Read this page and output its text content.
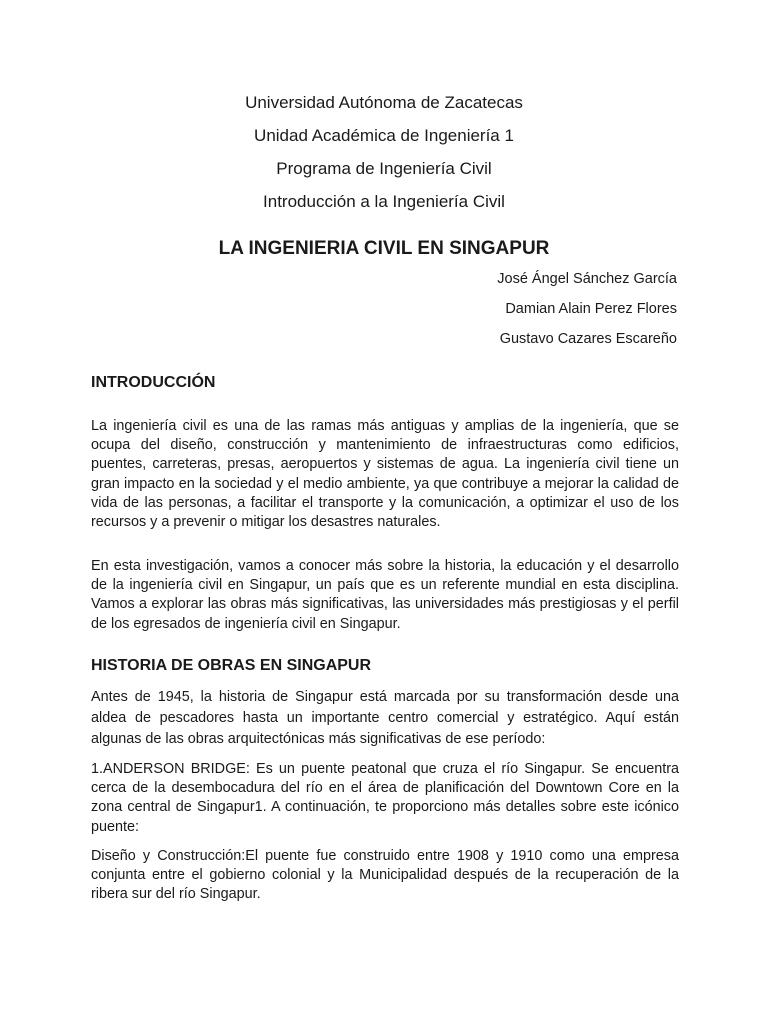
Universidad Autónoma de Zacatecas

Unidad Académica de Ingeniería 1

Programa de Ingeniería Civil

Introducción a la Ingeniería Civil

LA INGENIERIA CIVIL EN SINGAPUR

José Ángel Sánchez García

Damian Alain Perez Flores

Gustavo Cazares Escareño

INTRODUCCIÓN

La ingeniería civil es una de las ramas más antiguas y amplias de la ingeniería, que se ocupa del diseño, construcción y mantenimiento de infraestructuras como edificios, puentes, carreteras, presas, aeropuertos y sistemas de agua. La ingeniería civil tiene un gran impacto en la sociedad y el medio ambiente, ya que contribuye a mejorar la calidad de vida de las personas, a facilitar el transporte y la comunicación, a optimizar el uso de los recursos y a prevenir o mitigar los desastres naturales.

En esta investigación, vamos a conocer más sobre la historia, la educación y el desarrollo de la ingeniería civil en Singapur, un país que es un referente mundial en esta disciplina. Vamos a explorar las obras más significativas, las universidades más prestigiosas y el perfil de los egresados de ingeniería civil en Singapur.

HISTORIA DE OBRAS EN SINGAPUR

Antes de 1945, la historia de Singapur está marcada por su transformación desde una aldea de pescadores hasta un importante centro comercial y estratégico. Aquí están algunas de las obras arquitectónicas más significativas de ese período:

1.ANDERSON BRIDGE: Es un puente peatonal que cruza el río Singapur. Se encuentra cerca de la desembocadura del río en el área de planificación del Downtown Core en la zona central de Singapur1. A continuación, te proporciono más detalles sobre este icónico puente:

Diseño y Construcción:El puente fue construido entre 1908 y 1910 como una empresa conjunta entre el gobierno colonial y la Municipalidad después de la recuperación de la ribera sur del río Singapur.
